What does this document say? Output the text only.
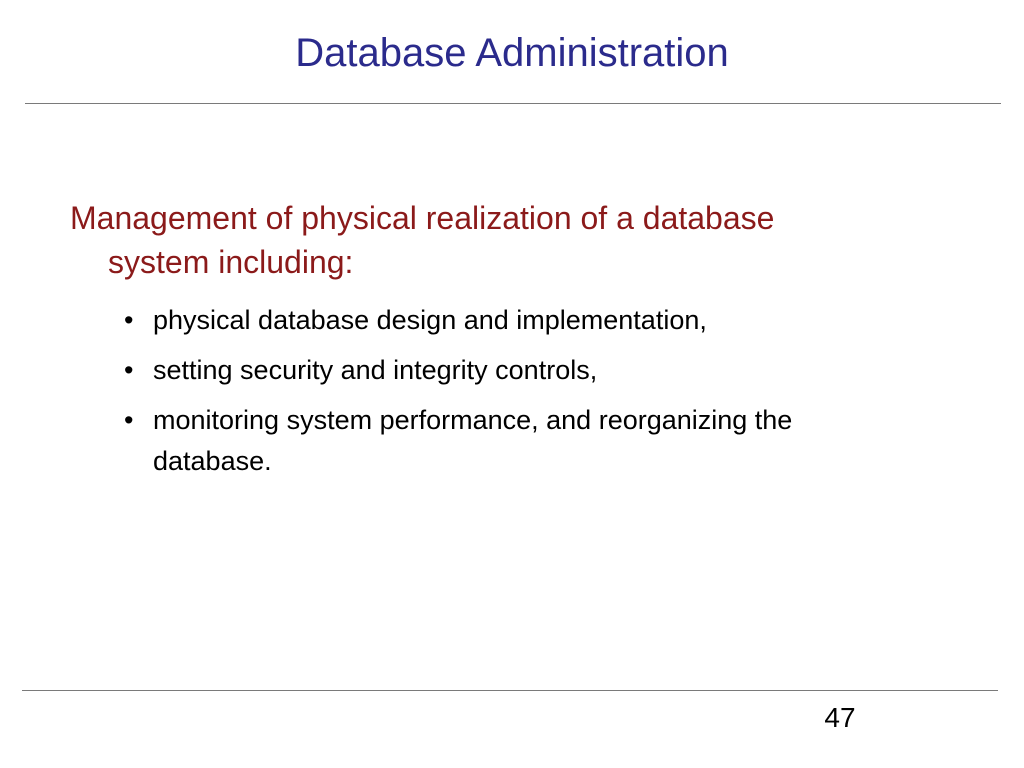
Database Administration

Management of physical realization of a database system including:

• physical database design and implementation,
• setting security and integrity controls,
• monitoring system performance, and reorganizing the database.
47
